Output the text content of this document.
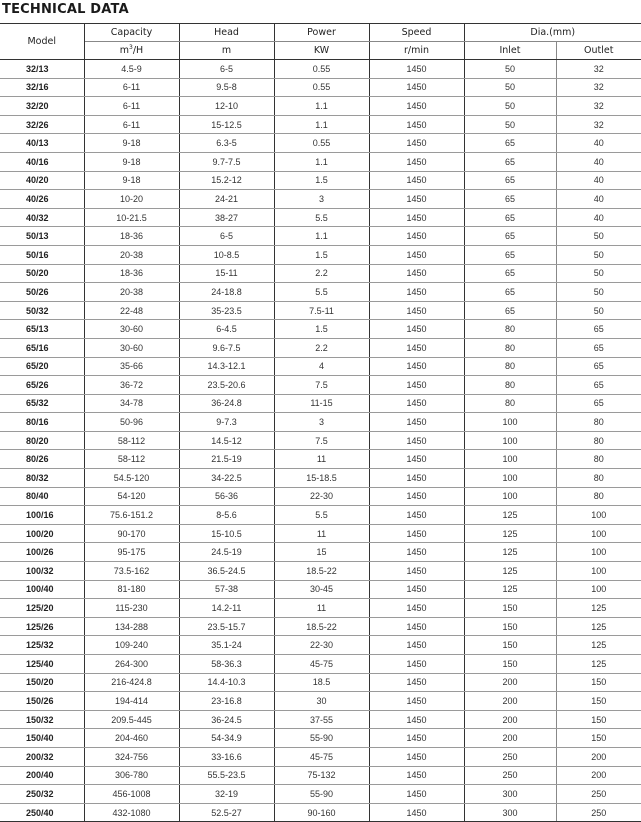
TECHNICAL DATA
Model	Capacity	Head	Power	Speed	Dia.(mm)	
	$m^3/H$	m	KW	r/min	Inlet	Outlet
32/13	4.5-9	6-5	0.55	1450	50	32
32/16	6-11	9.5-8	0.55	1450	50	32
32/20	6-11	12-10	1.1	1450	50	32
32/26	6-11	15-12.5	1.1	1450	50	32
40/13	9-18	6.3-5	0.55	1450	65	40
40/16	9-18	9.7-7.5	1.1	1450	65	40
40/20	9-18	15.2-12	1.5	1450	65	40
40/26	10-20	24-21	3	1450	65	40
40/32	10-21.5	38-27	5.5	1450	65	40
50/13	18-36	6-5	1.1	1450	65	50
50/16	20-38	10-8.5	1.5	1450	65	50
50/20	18-36	15-11	2.2	1450	65	50
50/26	20-38	24-18.8	5.5	1450	65	50
50/32	22-48	35-23.5	7.5-11	1450	65	50
65/13	30-60	6-4.5	1.5	1450	80	65
65/16	30-60	9.6-7.5	2.2	1450	80	65
65/20	35-66	14.3-12.1	4	1450	80	65
65/26	36-72	23.5-20.6	7.5	1450	80	65
65/32	34-78	36-24.8	11-15	1450	80	65
80/16	50-96	9-7.3	3	1450	100	80
80/20	58-112	14.5-12	7.5	1450	100	80
80/26	58-112	21.5-19	11	1450	100	80
80/32	54.5-120	34-22.5	15-18.5	1450	100	80
80/40	54-120	56-36	22-30	1450	100	80
100/16	75.6-151.2	8-5.6	5.5	1450	125	100
100/20	90-170	15-10.5	11	1450	125	100
100/26	95-175	24.5-19	15	1450	125	100
100/32	73.5-162	36.5-24.5	18.5-22	1450	125	100
100/40	81-180	57-38	30-45	1450	125	100
125/20	115-230	14.2-11	11	1450	150	125
125/26	134-288	23.5-15.7	18.5-22	1450	150	125
125/32	109-240	35.1-24	22-30	1450	150	125
125/40	264-300	58-36.3	45-75	1450	150	125
150/20	216-424.8	14.4-10.3	18.5	1450	200	150
150/26	194-414	23-16.8	30	1450	200	150
150/32	209.5-445	36-24.5	37-55	1450	200	150
150/40	204-460	54-34.9	55-90	1450	200	150
200/32	324-756	33-16.6	45-75	1450	250	200
200/40	306-780	55.5-23.5	75-132	1450	250	200
250/32	456-1008	32-19	55-90	1450	300	250
250/40	432-1080	52.5-27	90-160	1450	300	250
